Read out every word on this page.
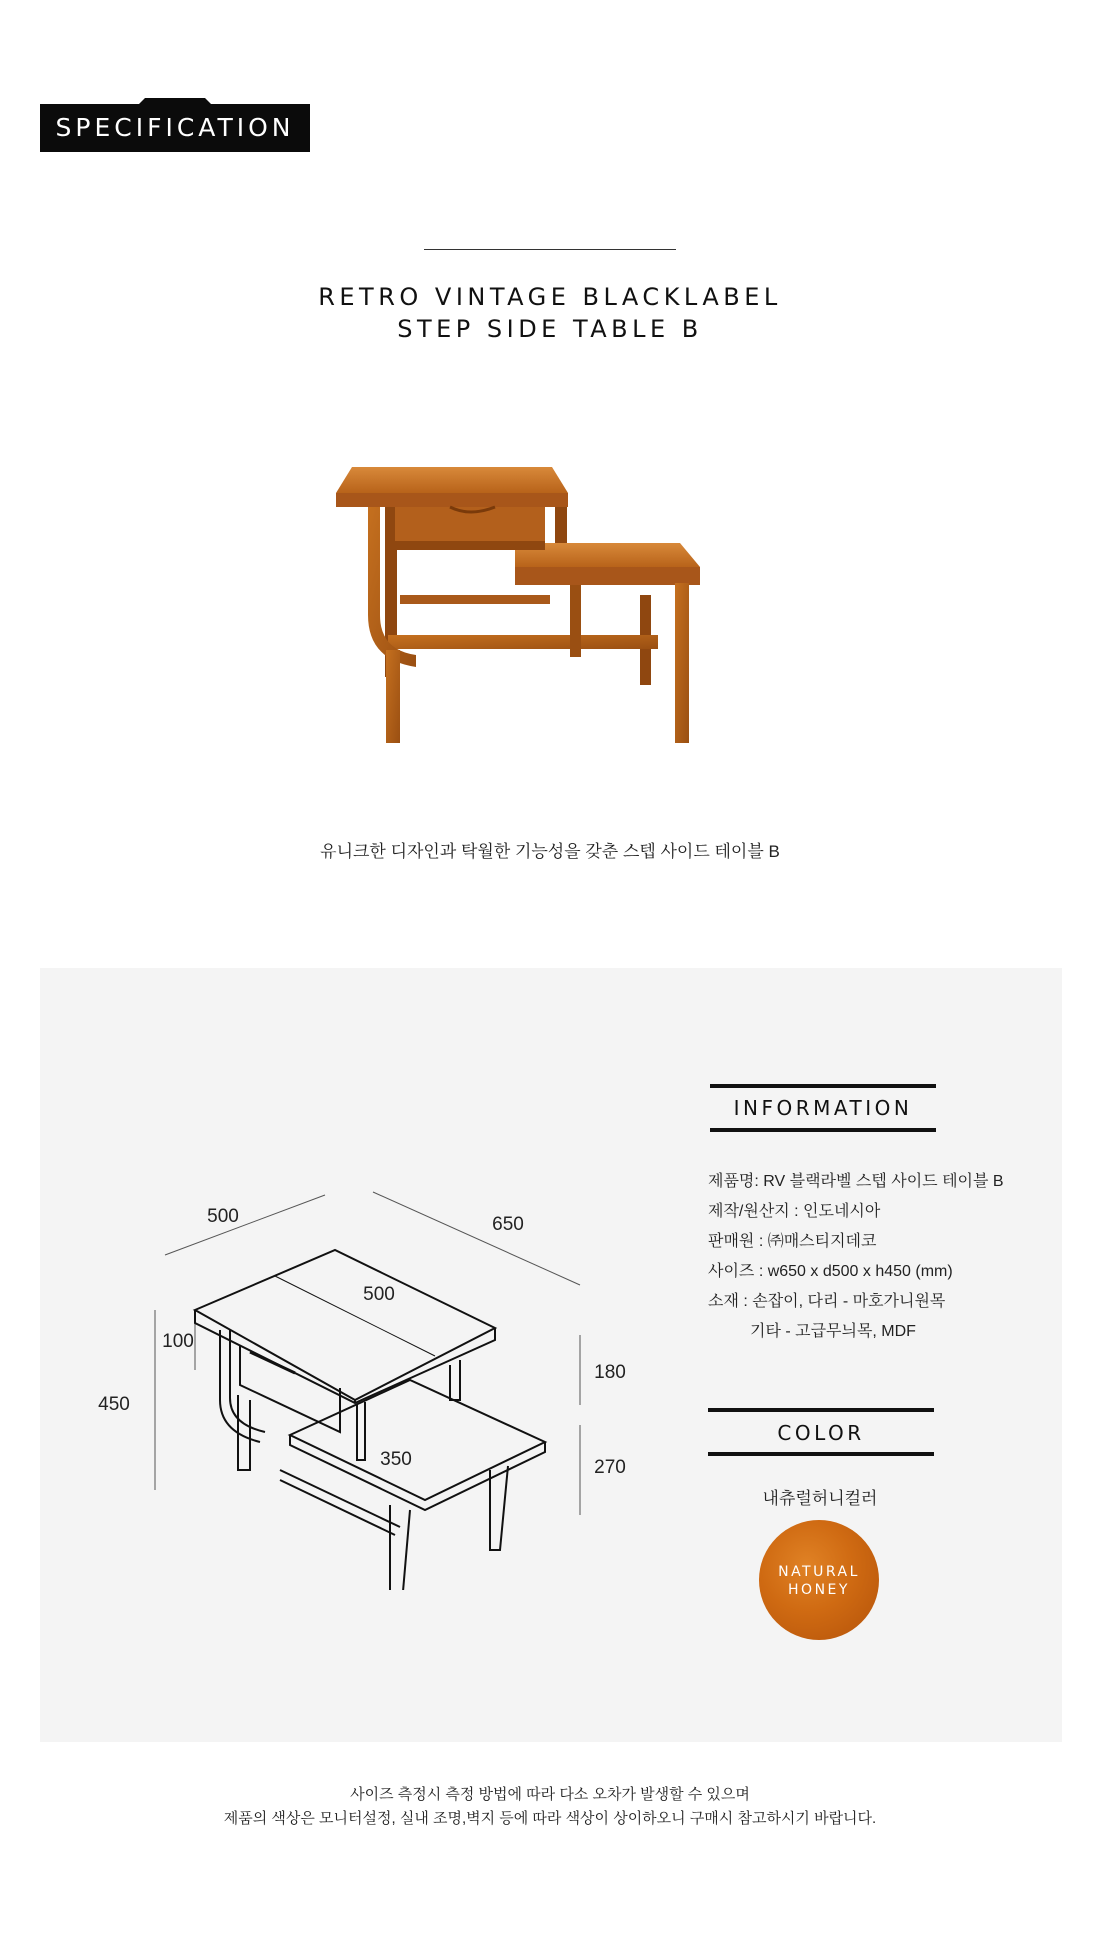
SPECIFICATION
RETRO VINTAGE BLACKLABEL
STEP SIDE TABLE B
유니크한 디자인과 탁월한 기능성을 갖춘 스텝 사이드 테이블 B
500	650
500
100
450
180
350	270
INFORMATION
제품명: RV 블랙라벨 스텝 사이드 테이블 B
제작/원산지 : 인도네시아
판매원 : ㈜매스티지데코
사이즈 : w650 x d500 x h450 (mm)
소재 : 손잡이, 다리 - 마호가니원목
기타 - 고급무늬목, MDF
COLOR
내츄럴허니컬러
NATURAL
HONEY
사이즈 측정시 측정 방법에 따라 다소 오차가 발생할 수 있으며
제품의 색상은 모니터설정, 실내 조명,벽지 등에 따라 색상이 상이하오니 구매시 참고하시기 바랍니다.
